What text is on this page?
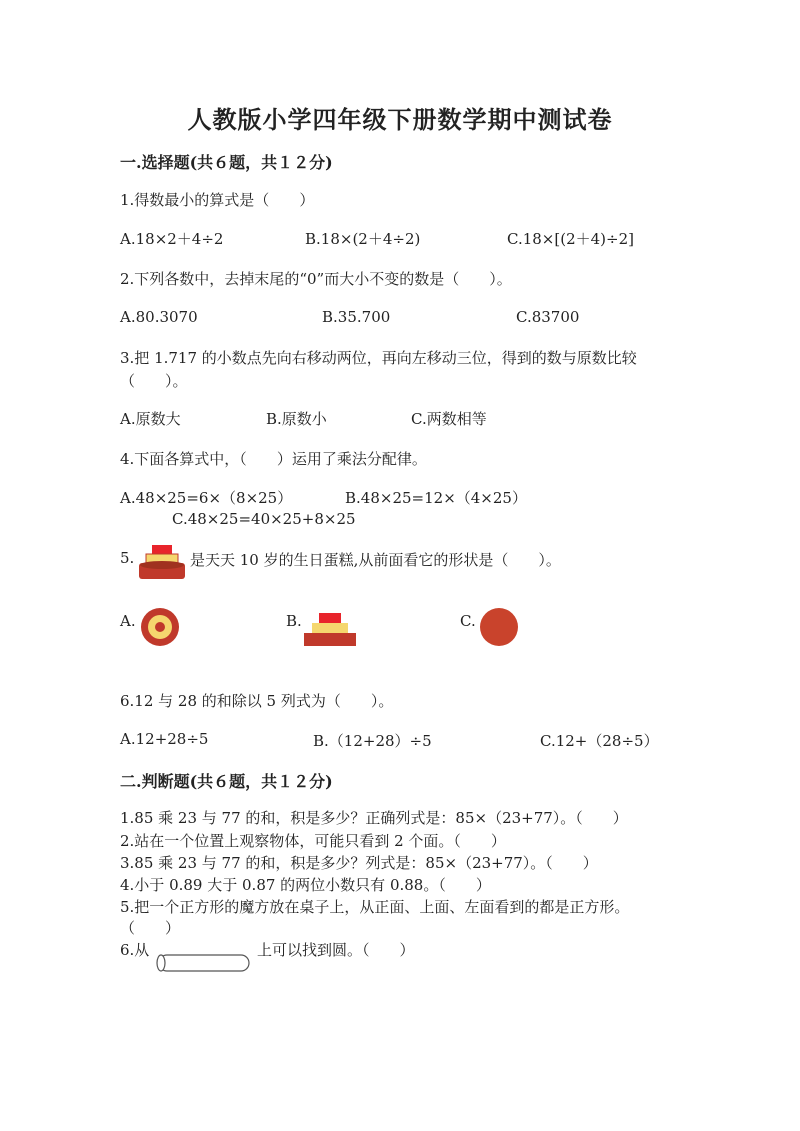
人教版小学四年级下册数学期中测试卷
一.选择题(共６题，共１２分)
1.得数最小的算式是（　　）
A.18×2＋4÷2	B.18×(2＋4÷2)	C.18×[(2＋4)÷2]
2.下列各数中，去掉末尾的“0”而大小不变的数是（　　）。
A.80.3070	B.35.700	C.83700
3.把 1.717 的小数点先向右移动两位，再向左移动三位，得到的数与原数比较
（　　）。
A.原数大	B.原数小	C.两数相等
4.下面各算式中，（　　）运用了乘法分配律。
A.48×25=6×（8×25）	B.48×25=12×（4×25）
C.48×25=40×25+8×25
5.	是天天 10 岁的生日蛋糕,从前面看它的形状是（　　）。
A.	B.	C.
6.12 与 28 的和除以 5 列式为（　　）。
A.12+28÷5	B.（12+28）÷5	C.12+（28÷5）
二.判断题(共６题，共１２分)
1.85 乘 23 与 77 的和，积是多少？正确列式是：85×（23+77）。（　　）
2.站在一个位置上观察物体，可能只看到 2 个面。（　　）
3.85 乘 23 与 77 的和，积是多少？列式是：85×（23+77）。（　　）
4.小于 0.89 大于 0.87 的两位小数只有 0.88。（　　）
5.把一个正方形的魔方放在桌子上，从正面、上面、左面看到的都是正方形。
（　　）
6.从	上可以找到圆。（　　）
